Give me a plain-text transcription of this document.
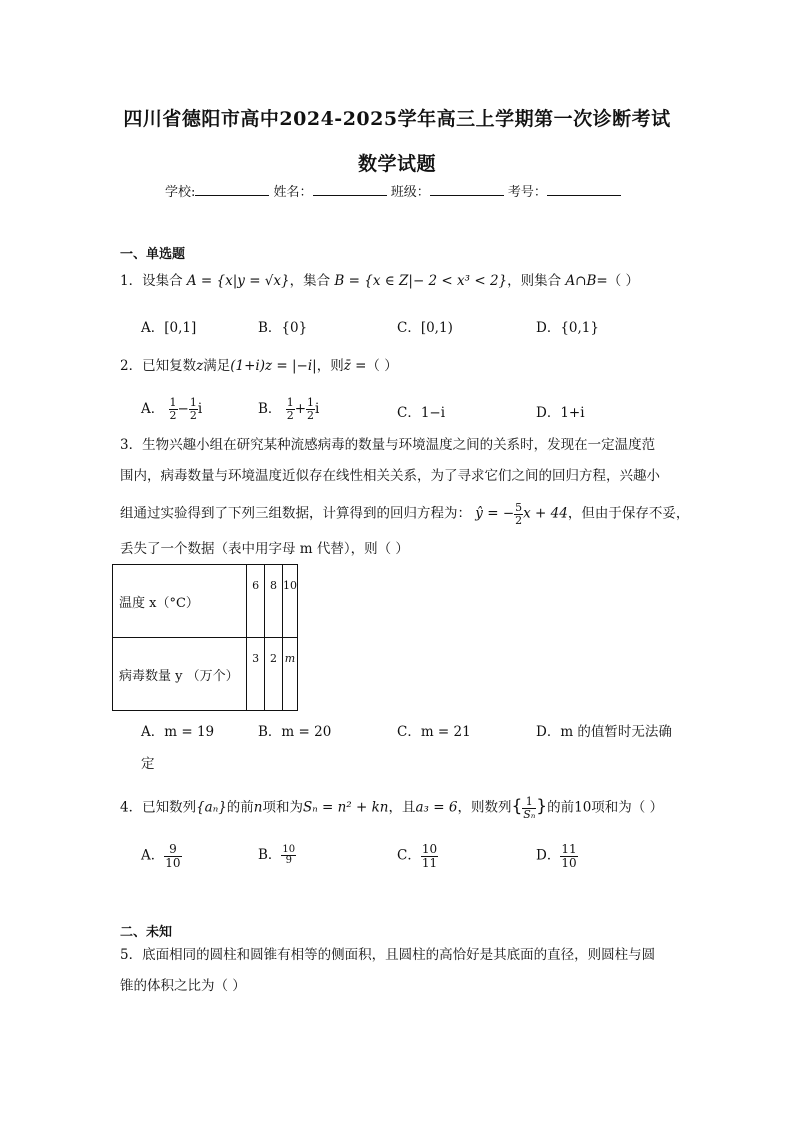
四川省德阳市高中2024-2025学年高三上学期第一次诊断考试
数学试题
学校:	姓名：	班级：	考号：
一、单选题
1．设集合 A = {x|y = √x}，集合 B = {x ∈ Z|− 2 < x³ < 2}，则集合 A∩B=（ ）
A．[0,1]	B．{0}	C．[0,1)	D．{0,1}
2．已知复数z满足(1+i)z = |−i|，则z̄ =（ ）
A． $\frac{1}{2} - \frac{1}{2}$ i	B． $\frac{1}{2} + \frac{1}{2}$ i	C．1−i	D．1+i
3．生物兴趣小组在研究某种流感病毒的数量与环境温度之间的关系时，发现在一定温度范
围内，病毒数量与环境温度近似存在线性相关关系，为了寻求它们之间的回归方程，兴趣小
组通过实验得到了下列三组数据，计算得到的回归方程为： ŷ = − $\frac{5}{2}$ x + 44，但由于保存不妥，
丢失了一个数据（表中用字母 m 代替），则（ ）
温度 x（°C）	6	8	10
病毒数量 y （万个）	3	2	m
A．m = 19	B．m = 20	C．m = 21	D．m 的值暂时无法确
定
4．已知数列{aₙ}的前n项和为Sₙ = n² + kn，且a₃ = 6，则数列{ $\frac{1}{\text{Sₙ}}$ }的前10项和为（ ）
A． $\frac{9}{10}$	B． $\frac{10}{9}$	C． $\frac{10}{11}$	D． $\frac{11}{10}$
二、未知
5．底面相同的圆柱和圆锥有相等的侧面积，且圆柱的高恰好是其底面的直径，则圆柱与圆
锥的体积之比为（ ）
